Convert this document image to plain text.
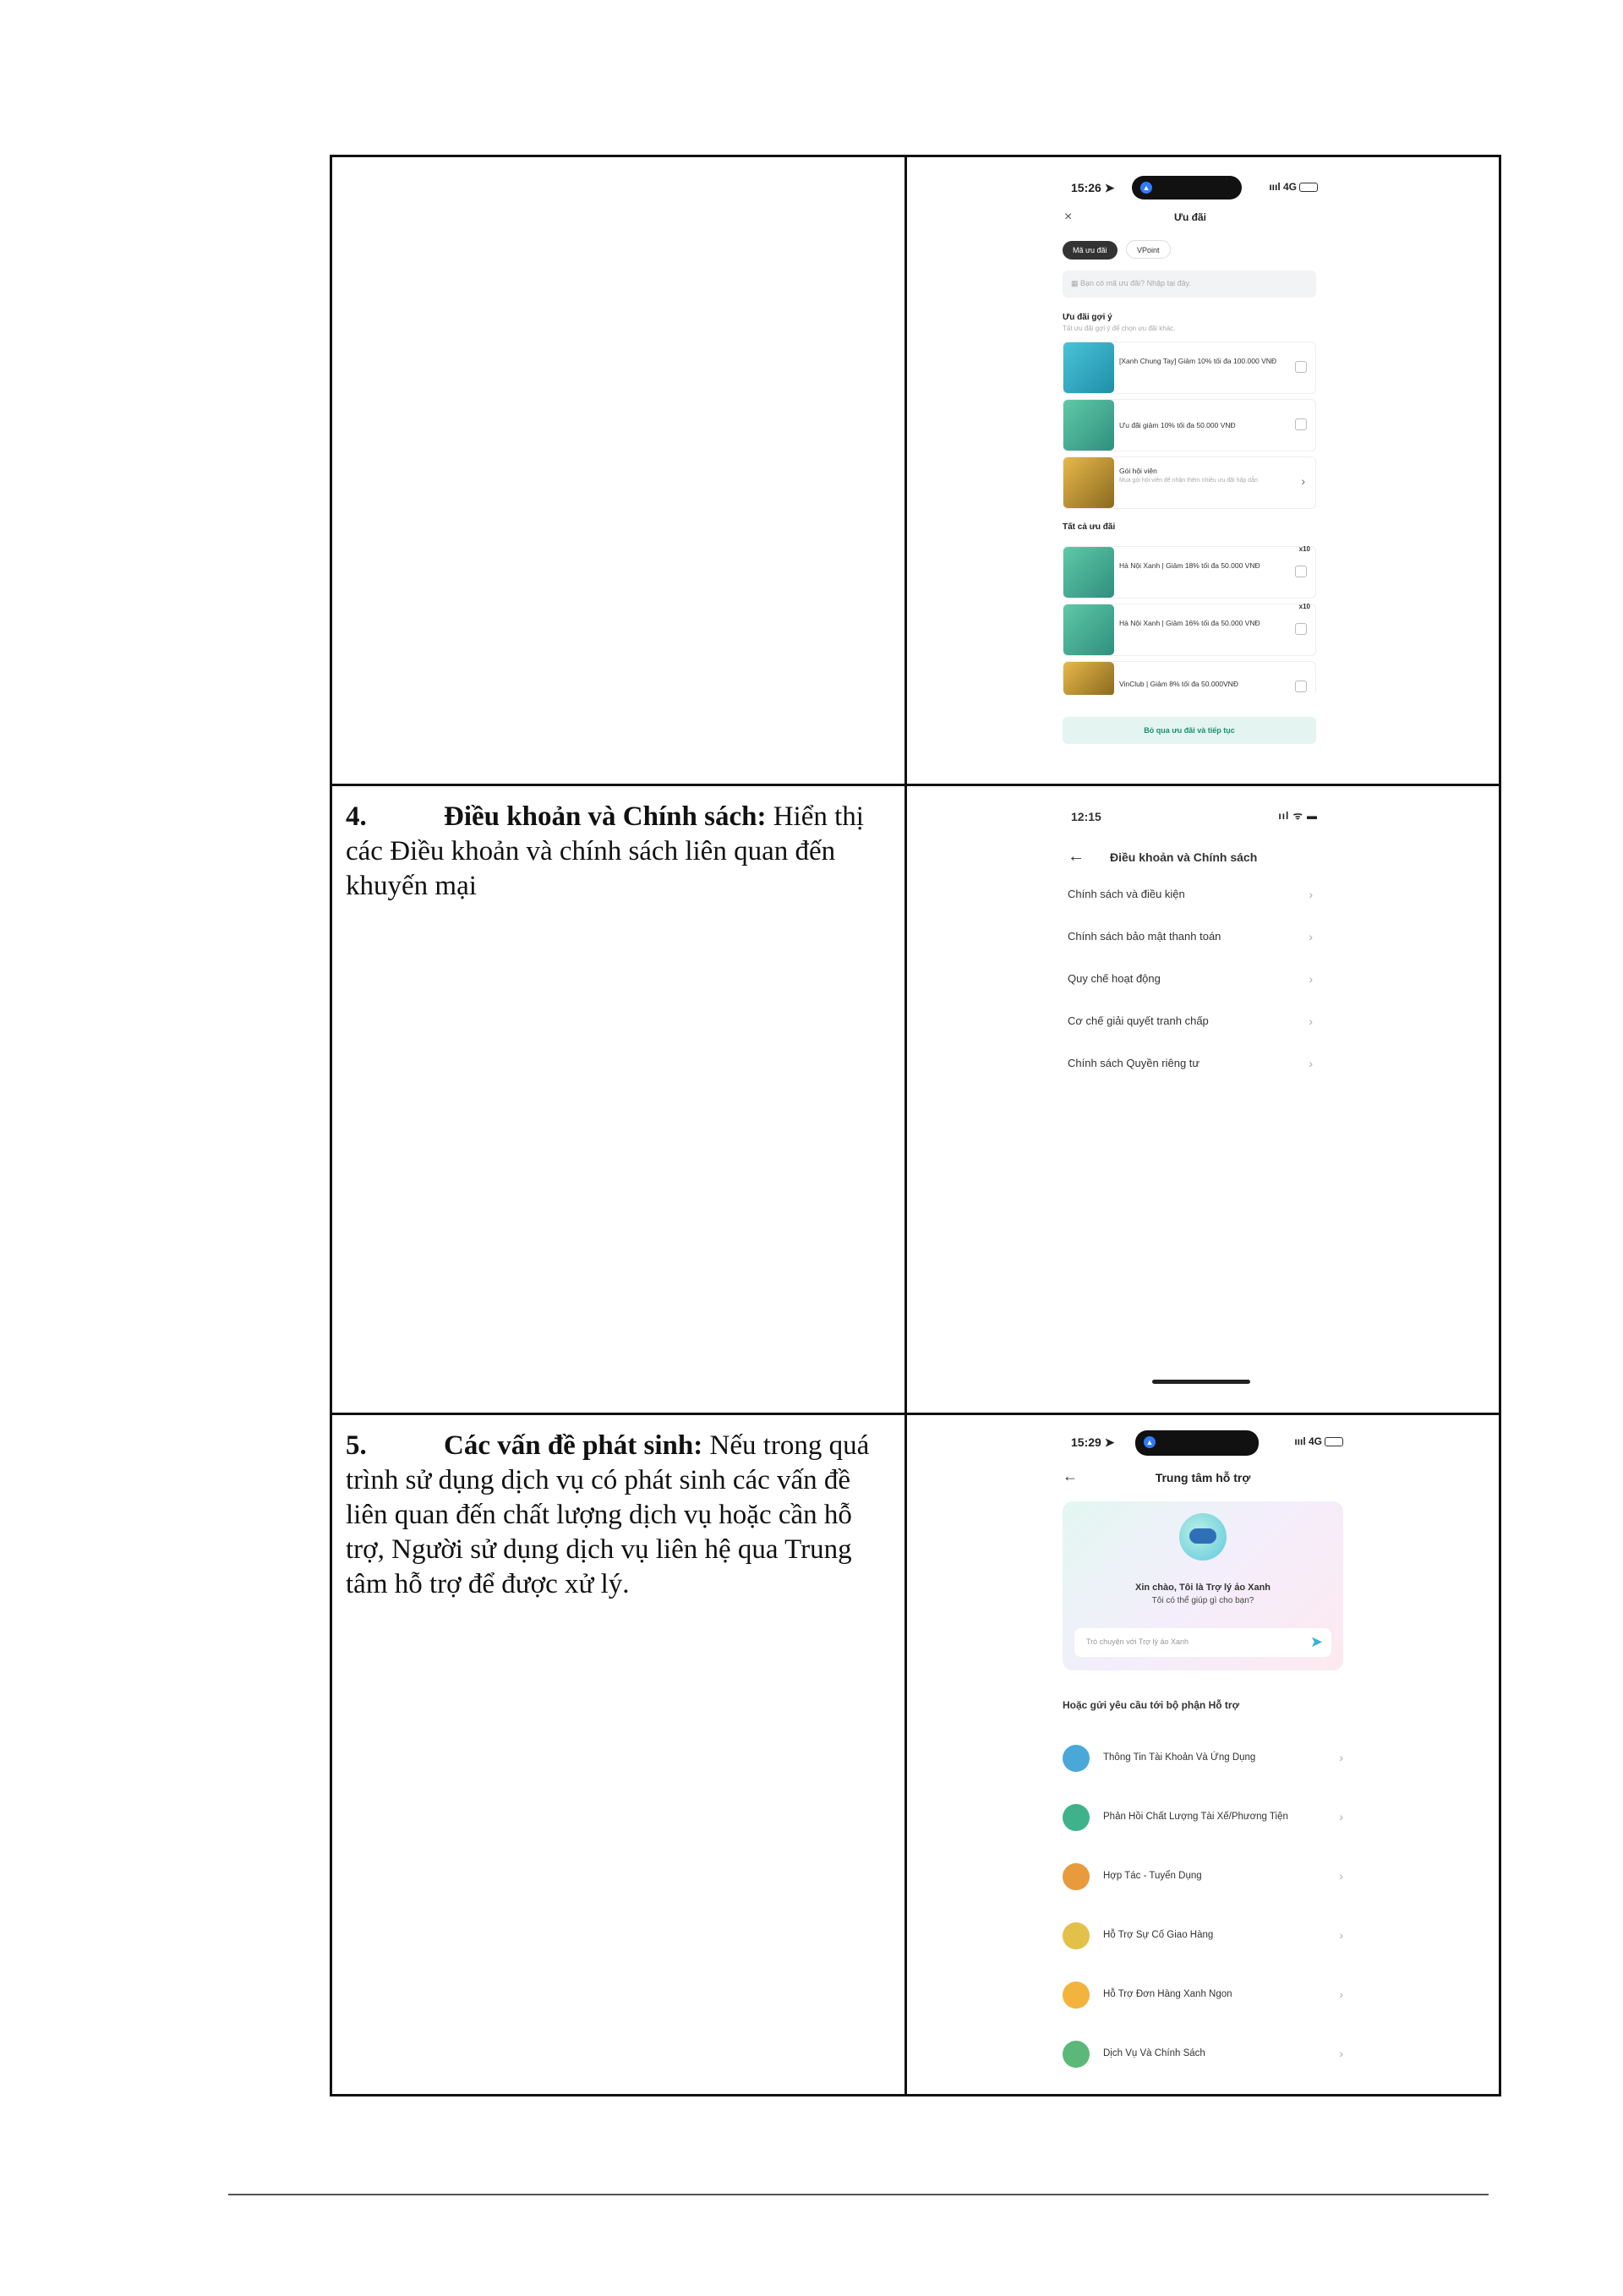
15:26 ➤	▲	ıııl 4G
×	Ưu đãi
Mã ưu đãi	VPoint
▦ Bạn có mã ưu đãi? Nhập tại đây.
Ưu đãi gợi ý
Tất ưu đãi gợi ý để chọn ưu đãi khác.
[Xanh Chung Tay] Giảm 10% tối đa 100.000 VNĐ
Ưu đãi giảm 10% tối đa 50.000 VNĐ
Gói hội viên
Mua gói hội viên để nhận thêm nhiều ưu đãi hấp dẫn	›
Tất cả ưu đãi
Hà Nội Xanh | Giảm 18% tối đa 50.000 VNĐ
x10
Hà Nội Xanh | Giảm 16% tối đa 50.000 VNĐ
x10
VinClub | Giảm 8% tối đa 50.000VNĐ
Bỏ qua ưu đãi và tiếp tục

4.	Điều khoản và Chính sách: Hiển thị các Điều khoản và chính sách liên quan đến khuyến mại

12:15	ııl ᯤ ▬
← Điều khoản và Chính sách
Chính sách và điều kiện	›
Chính sách bảo mật thanh toán	›
Quy chế hoạt động	›
Cơ chế giải quyết tranh chấp	›
Chính sách Quyền riêng tư	›

5.	Các vấn đề phát sinh: Nếu trong quá trình sử dụng dịch vụ có phát sinh các vấn đề liên quan đến chất lượng dịch vụ hoặc cần hỗ trợ, Người sử dụng dịch vụ liên hệ qua Trung tâm hỗ trợ để được xử lý.

15:29 ➤	▲	ıııl 4G
←	Trung tâm hỗ trợ
Xin chào, Tôi là Trợ lý ảo Xanh
Tôi có thể giúp gì cho bạn?
Trò chuyện với Trợ lý ảo Xanh	➤
Hoặc gửi yêu cầu tới bộ phận Hỗ trợ
Thông Tin Tài Khoản Và Ứng Dụng	›
Phản Hồi Chất Lượng Tài Xế/Phương Tiện	›
Hợp Tác - Tuyển Dụng	›
Hỗ Trợ Sự Cố Giao Hàng	›
Hỗ Trợ Đơn Hàng Xanh Ngon	›
Dịch Vụ Và Chính Sách	›
